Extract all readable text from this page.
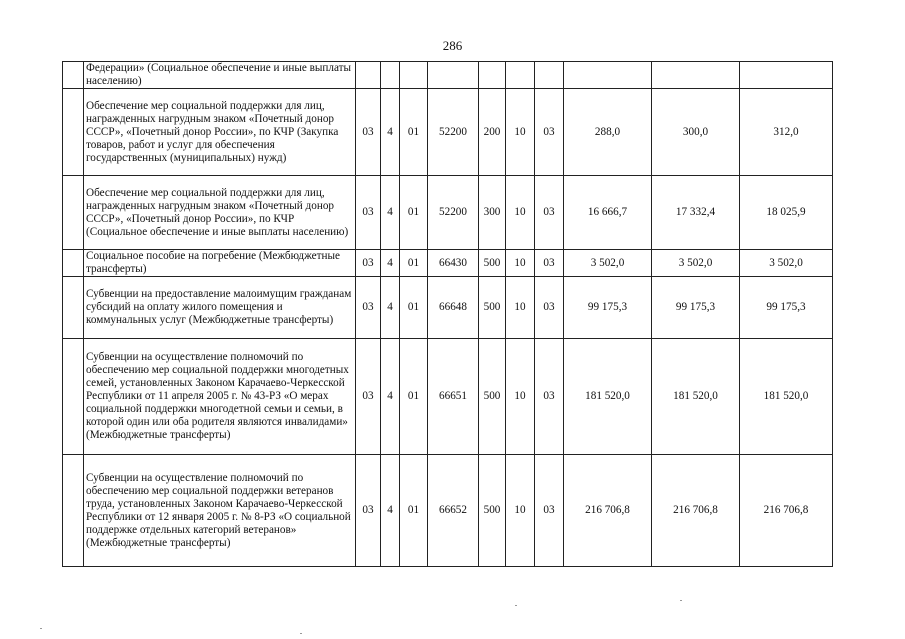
286
	Федерации» (Социальное обеспечение и иные выплаты населению)										
	Обеспечение мер социальной поддержки для лиц, награжденных нагрудным знаком «Почетный донор СССР», «Почетный донор России», по КЧР (Закупка товаров, работ и услуг для обеспечения государственных (муниципальных) нужд)	03	4	01	52200	200	10	03	288,0	300,0	312,0
	Обеспечение мер социальной поддержки для лиц, награжденных нагрудным знаком «Почетный донор СССР», «Почетный донор России», по КЧР (Социальное обеспечение и иные выплаты населению)	03	4	01	52200	300	10	03	16 666,7	17 332,4	18 025,9
	Социальное пособие на погребение (Межбюджетные трансферты)	03	4	01	66430	500	10	03	3 502,0	3 502,0	3 502,0
	Субвенции на предоставление малоимущим гражданам субсидий на оплату жилого помещения и коммунальных услуг (Межбюджетные трансферты)	03	4	01	66648	500	10	03	99 175,3	99 175,3	99 175,3
	Субвенции на осуществление полномочий по обеспечению мер социальной поддержки многодетных семей, установленных Законом Карачаево-Черкесской Республики от 11 апреля 2005 г. № 43-РЗ «О мерах социальной поддержки многодетной семьи и семьи, в которой один или оба родителя являются инвалидами» (Межбюджетные трансферты)	03	4	01	66651	500	10	03	181 520,0	181 520,0	181 520,0
	Субвенции на осуществление полномочий по обеспечению мер социальной поддержки ветеранов труда, установленных Законом Карачаево-Черкесской Республики от 12 января 2005 г. № 8-РЗ «О социальной поддержке отдельных категорий ветеранов» (Межбюджетные трансферты)	03	4	01	66652	500	10	03	216 706,8	216 706,8	216 706,8
